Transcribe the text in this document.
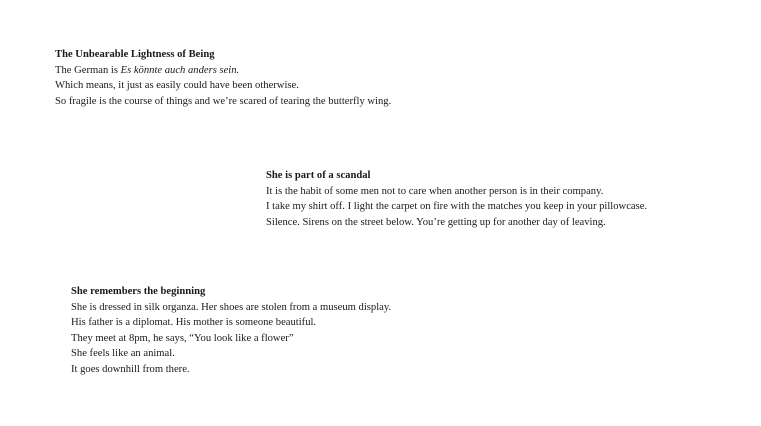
The Unbearable Lightness of Being
The German is Es könnte auch anders sein.
Which means, it just as easily could have been otherwise.
So fragile is the course of things and we’re scared of tearing the butterfly wing.
She is part of a scandal
It is the habit of some men not to care when another person is in their company.
I take my shirt off. I light the carpet on fire with the matches you keep in your pillowcase.
Silence. Sirens on the street below. You’re getting up for another day of leaving.
She remembers the beginning
She is dressed in silk organza. Her shoes are stolen from a museum display.
His father is a diplomat. His mother is someone beautiful.
They meet at 8pm, he says, “You look like a flower”
She feels like an animal.
It goes downhill from there.
